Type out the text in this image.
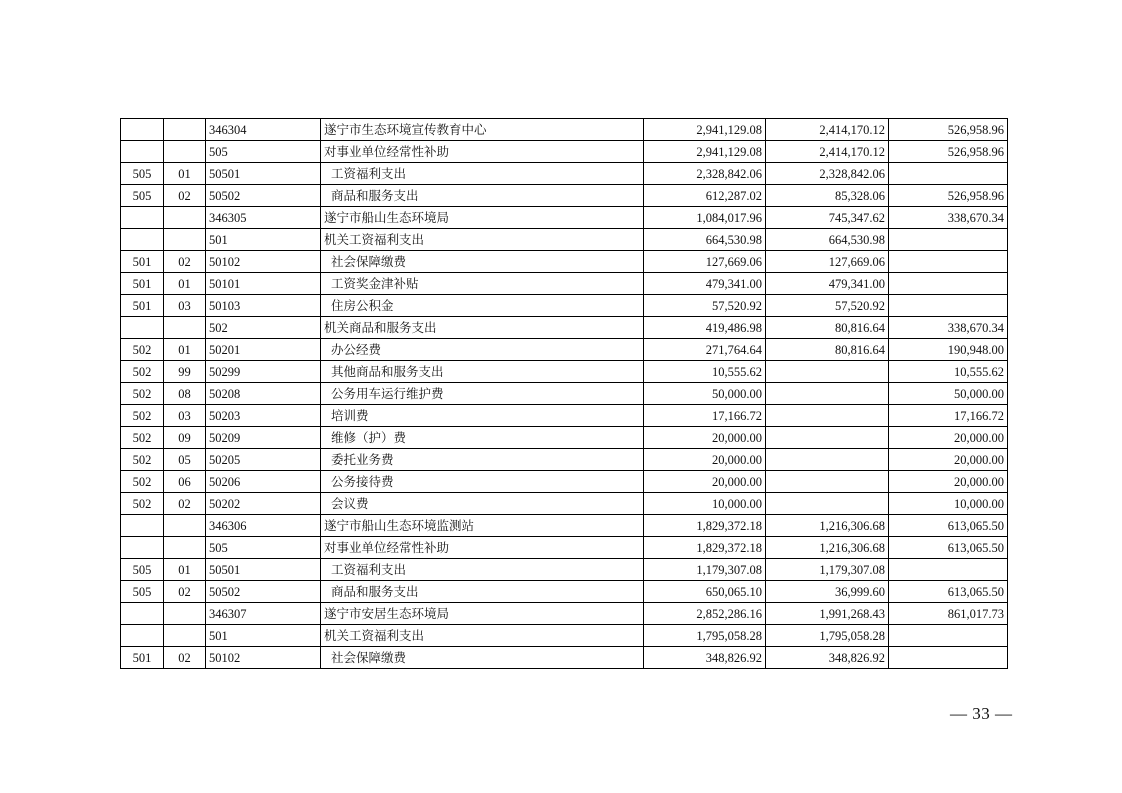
		346304	遂宁市生态环境宣传教育中心	2,941,129.08	2,414,170.12	526,958.96
		505	对事业单位经常性补助	2,941,129.08	2,414,170.12	526,958.96
505	01	50501	工资福利支出	2,328,842.06	2,328,842.06	
505	02	50502	商品和服务支出	612,287.02	85,328.06	526,958.96
		346305	遂宁市船山生态环境局	1,084,017.96	745,347.62	338,670.34
		501	机关工资福利支出	664,530.98	664,530.98	
501	02	50102	社会保障缴费	127,669.06	127,669.06	
501	01	50101	工资奖金津补贴	479,341.00	479,341.00	
501	03	50103	住房公积金	57,520.92	57,520.92	
		502	机关商品和服务支出	419,486.98	80,816.64	338,670.34
502	01	50201	办公经费	271,764.64	80,816.64	190,948.00
502	99	50299	其他商品和服务支出	10,555.62		10,555.62
502	08	50208	公务用车运行维护费	50,000.00		50,000.00
502	03	50203	培训费	17,166.72		17,166.72
502	09	50209	维修（护）费	20,000.00		20,000.00
502	05	50205	委托业务费	20,000.00		20,000.00
502	06	50206	公务接待费	20,000.00		20,000.00
502	02	50202	会议费	10,000.00		10,000.00
		346306	遂宁市船山生态环境监测站	1,829,372.18	1,216,306.68	613,065.50
		505	对事业单位经常性补助	1,829,372.18	1,216,306.68	613,065.50
505	01	50501	工资福利支出	1,179,307.08	1,179,307.08	
505	02	50502	商品和服务支出	650,065.10	36,999.60	613,065.50
		346307	遂宁市安居生态环境局	2,852,286.16	1,991,268.43	861,017.73
		501	机关工资福利支出	1,795,058.28	1,795,058.28	
501	02	50102	社会保障缴费	348,826.92	348,826.92	
— 33 —
